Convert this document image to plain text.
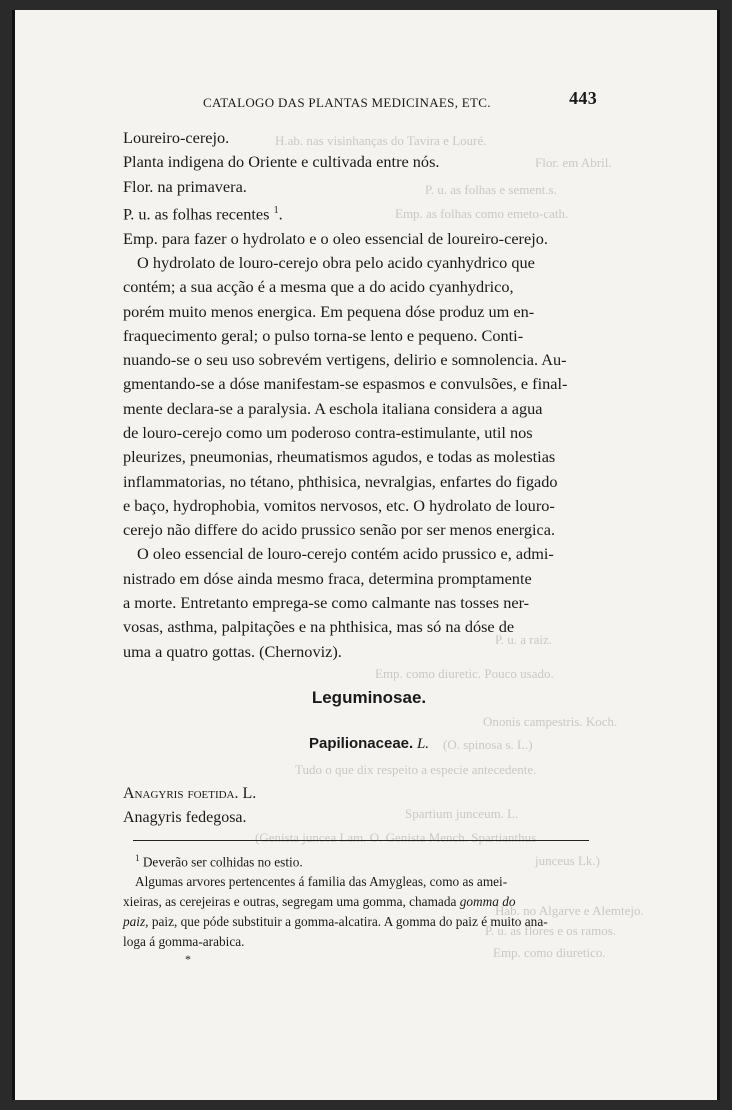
H.ab. nas visinhanças do Tavira e Louré.
Flor. em Abril.
P. u. as folhas e sement.s.
Emp. as folhas como emeto-cath.
P. u. a raiz.
Emp. como diuretic. Pouco usado.
Ononis campestris. Koch.
(O. spinosa s. L.)
Tudo o que dix respeito a especie antecedente.
Spartium junceum. L.
(Genista juncea Lam. O. Genista Mench. Spartianthus
junceus Lk.)
Hab. no Algarve e Alemtejo.
P. u. as flores e os ramos.
Emp. como diuretico.
CATALOGO DAS PLANTAS MEDICINAES, ETC.	443
Loureiro-cerejo.
Planta indigena do Oriente e cultivada entre nós.
Flor. na primavera.
P. u. as folhas recentes $^1$.
Emp. para fazer o hydrolato e o oleo essencial de loureiro-cerejo.
O hydrolato de louro-cerejo obra pelo acido cyanhydrico que
contém; a sua acção é a mesma que a do acido cyanhydrico,
porém muito menos energica. Em pequena dóse produz um en-
fraquecimento geral; o pulso torna-se lento e pequeno. Conti-
nuando-se o seu uso sobrevém vertigens, delirio e somnolencia. Au-
gmentando-se a dóse manifestam-se espasmos e convulsões, e final-
mente declara-se a paralysia. A eschola italiana considera a agua
de louro-cerejo como um poderoso contra-estimulante, util nos
pleurizes, pneumonias, rheumatismos agudos, e todas as molestias
inflammatorias, no tétano, phthisica, nevralgias, enfartes do figado
e baço, hydrophobia, vomitos nervosos, etc. O hydrolato de louro-
cerejo não differe do acido prussico senão por ser menos energica.
O oleo essencial de louro-cerejo contém acido prussico e, admi-
nistrado em dóse ainda mesmo fraca, determina promptamente
a morte. Entretanto emprega-se como calmante nas tosses ner-
vosas, asthma, palpitações e na phthisica, mas só na dóse de
uma a quatro gottas. (Chernoviz).
Leguminosae.
Papilionaceae. L.
Anagyris foetida. L.
Anagyris fedegosa.

$^1$ Deverão ser colhidas no estio.

Algumas arvores pertencentes á familia das Amygleas, como as amei-
xieiras, as cerejeiras e outras, segregam uma gomma, chamada gomma do
paiz, paiz, que póde substituir a gomma-alcatira. A gomma do paiz é muito ana-
loga á gomma-arabica.

*
